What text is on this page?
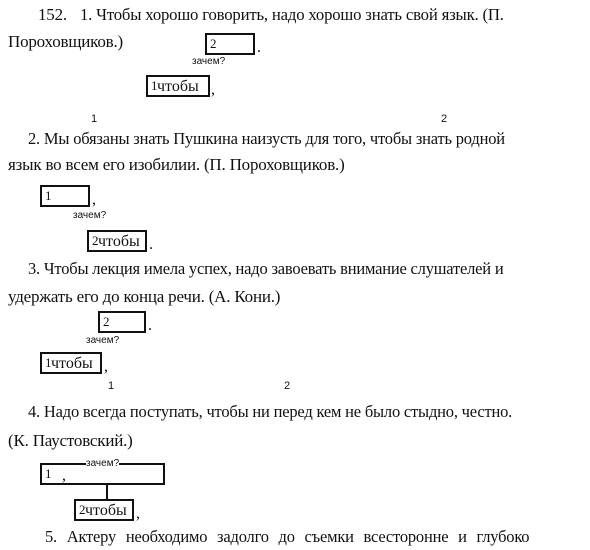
152. 1. Чтобы хорошо говорить, надо хорошо знать свой язык. (П.
Пороховщиков.)	2	.
зачем?
1 чтобы ,
1	2
2. Мы обязаны знать Пушкина наизусть для того, чтобы знать родной
язык во всем его изобилии. (П. Пороховщиков.)
1	,
зачем?
2 чтобы .
3. Чтобы лекция имела успех, надо завоевать внимание слушателей и
удержать его до конца речи. (А. Кони.)
2 .
зачем?
1 чтобы ,
1	2
4. Надо всегда поступать, чтобы ни перед кем не было стыдно, честно.
(К. Паустовский.)
1 ,
зачем?
2 чтобы ,
5. Актеру необходимо задолго до съемки всесторонне и глубоко
